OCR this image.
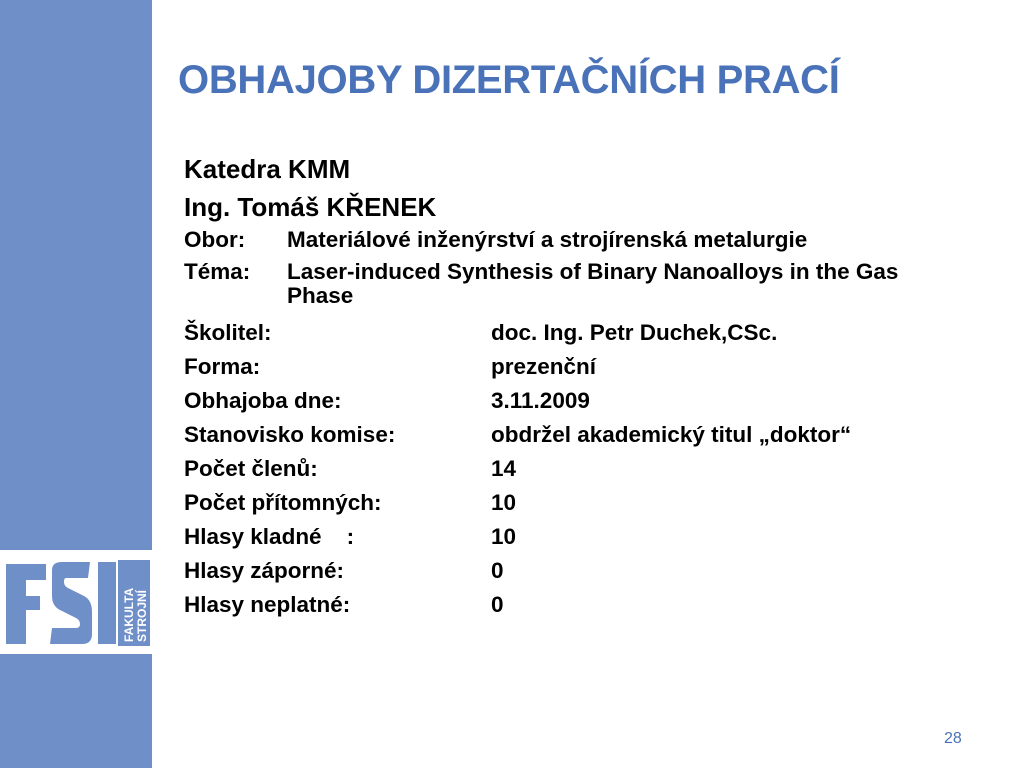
FAKULTA STROJNÍ
OBHAJOBY DIZERTAČNÍCH PRACÍ
Katedra KMM
Ing. Tomáš KŘENEK
Obor:	Materiálové inženýrství a strojírenská metalurgie
Téma:	Laser-induced Synthesis of Binary Nanoalloys in the Gas Phase
Školitel:	doc. Ing. Petr Duchek,CSc.
Forma:	prezenční
Obhajoba dne:	3.11.2009
Stanovisko komise:	obdržel akademický titul „doktor“
Počet členů:	14
Počet přítomných:	10
Hlasy kladné    :	10
Hlasy záporné:	0
Hlasy neplatné:	0
28
